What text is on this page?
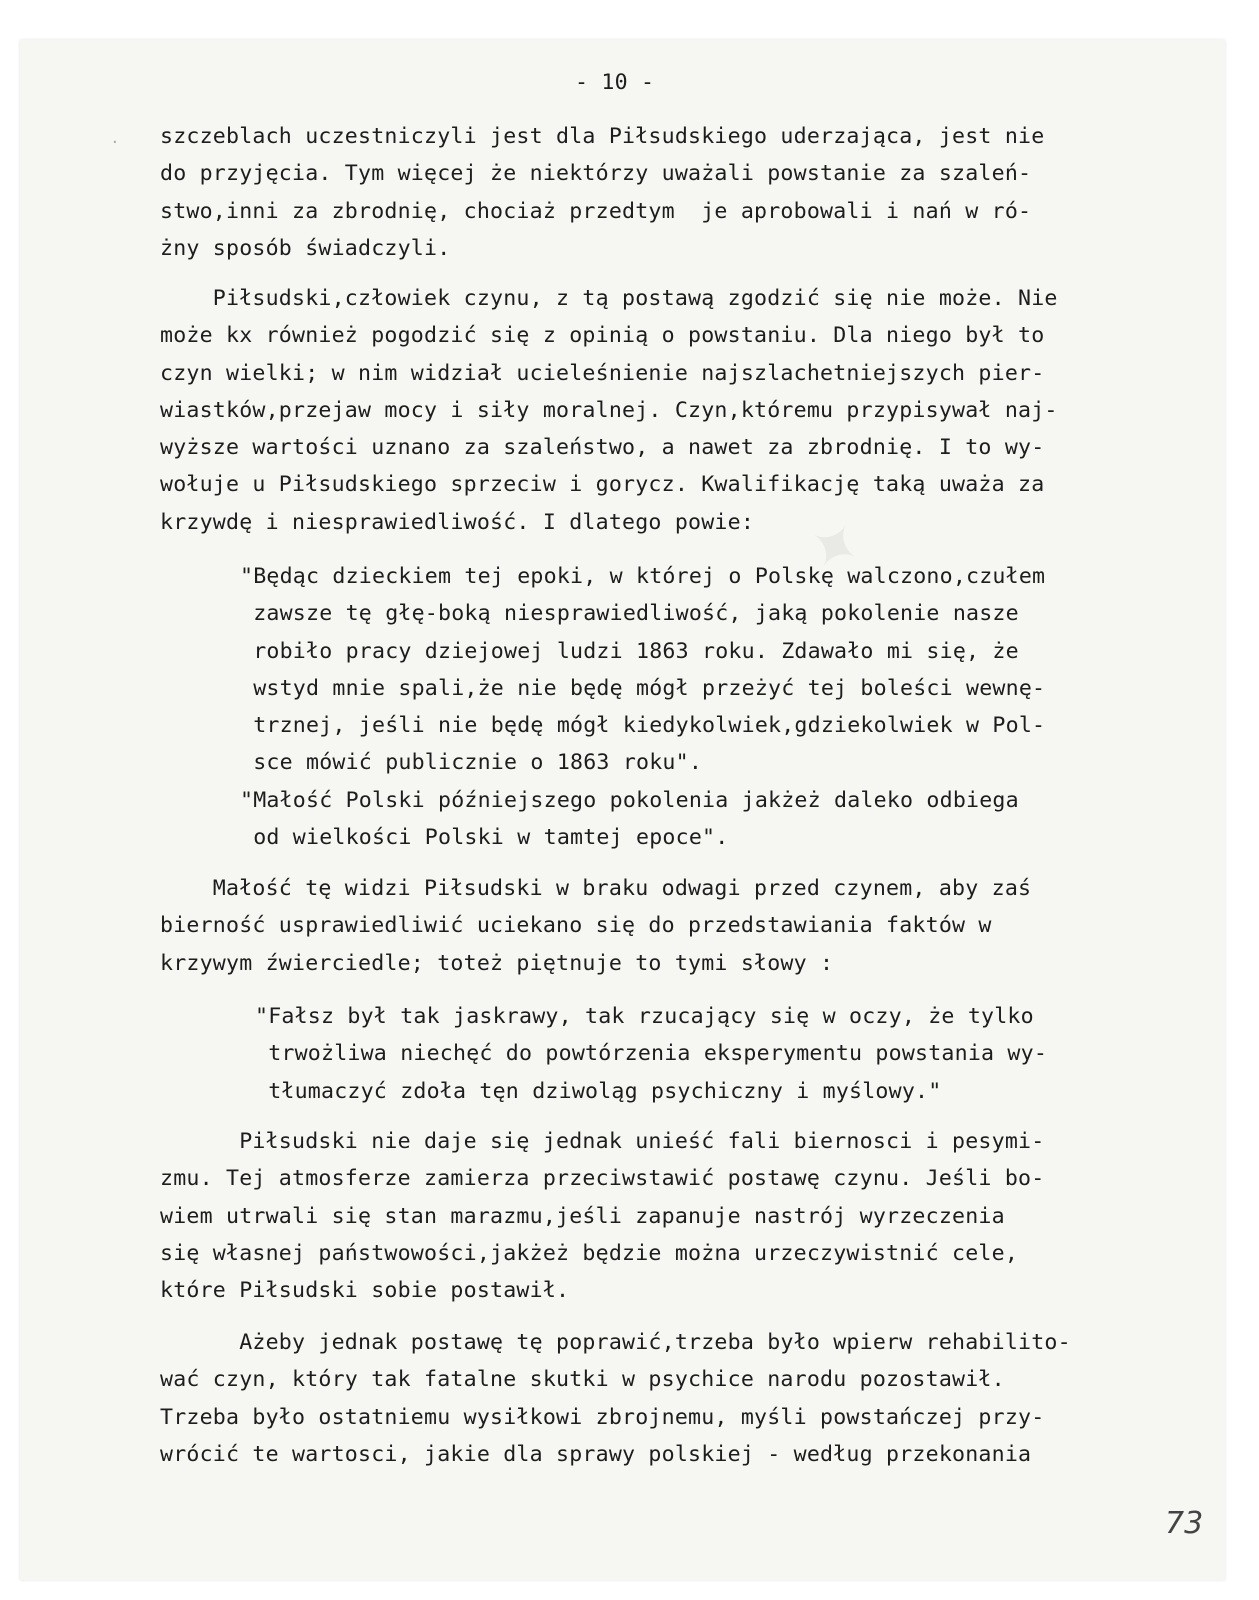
·
- 10 -
szczeblach uczestniczyli jest dla Piłsudskiego uderzająca, jest nie
do przyjęcia. Tym więcej że niektórzy uważali powstanie za szaleń-
stwo,inni za zbrodnię, chociaż przedtym  je aprobowali i nań w ró-
żny sposób świadczyli.
Piłsudski,człowiek czynu, z tą postawą zgodzić się nie może. Nie
może kx również pogodzić się z opinią o powstaniu. Dla niego był to
czyn wielki; w nim widział ucieleśnienie najszlachetniejszych pier-
wiastków,przejaw mocy i siły moralnej. Czyn,któremu przypisywał naj-
wyższe wartości uznano za szaleństwo, a nawet za zbrodnię. I to wy-
wołuje u Piłsudskiego sprzeciw i gorycz. Kwalifikację taką uważa za
krzywdę i niesprawiedliwość. I dlatego powie:
"Będąc dzieckiem tej epoki, w której o Polskę walczono,czułem
zawsze tę głę-boką niesprawiedliwość, jaką pokolenie nasze
robiło pracy dziejowej ludzi 1863 roku. Zdawało mi się, że
wstyd mnie spali,że nie będę mógł przeżyć tej boleści wewnę-
trznej, jeśli nie będę mógł kiedykolwiek,gdziekolwiek w Pol-
sce mówić publicznie o 1863 roku".
"Małość Polski późniejszego pokolenia jakżeż daleko odbiega
od wielkości Polski w tamtej epoce".
Małość tę widzi Piłsudski w braku odwagi przed czynem, aby zaś
bierność usprawiedliwić uciekano się do przedstawiania faktów w
krzywym źwierciedle; toteż piętnuje to tymi słowy :
"Fałsz był tak jaskrawy, tak rzucający się w oczy, że tylko
trwożliwa niechęć do powtórzenia eksperymentu powstania wy-
tłumaczyć zdoła tęn dziwoląg psychiczny i myślowy."
Piłsudski nie daje się jednak unieść fali biernosci i pesymi-
zmu. Tej atmosferze zamierza przeciwstawić postawę czynu. Jeśli bo-
wiem utrwali się stan marazmu,jeśli zapanuje nastrój wyrzeczenia
się własnej państwowości,jakżeż będzie można urzeczywistnić cele,
które Piłsudski sobie postawił.
Ażeby jednak postawę tę poprawić,trzeba było wpierw rehabilito-
wać czyn, który tak fatalne skutki w psychice narodu pozostawił.
Trzeba było ostatniemu wysiłkowi zbrojnemu, myśli powstańczej przy-
wrócić te wartosci, jakie dla sprawy polskiej - według przekonania
73
